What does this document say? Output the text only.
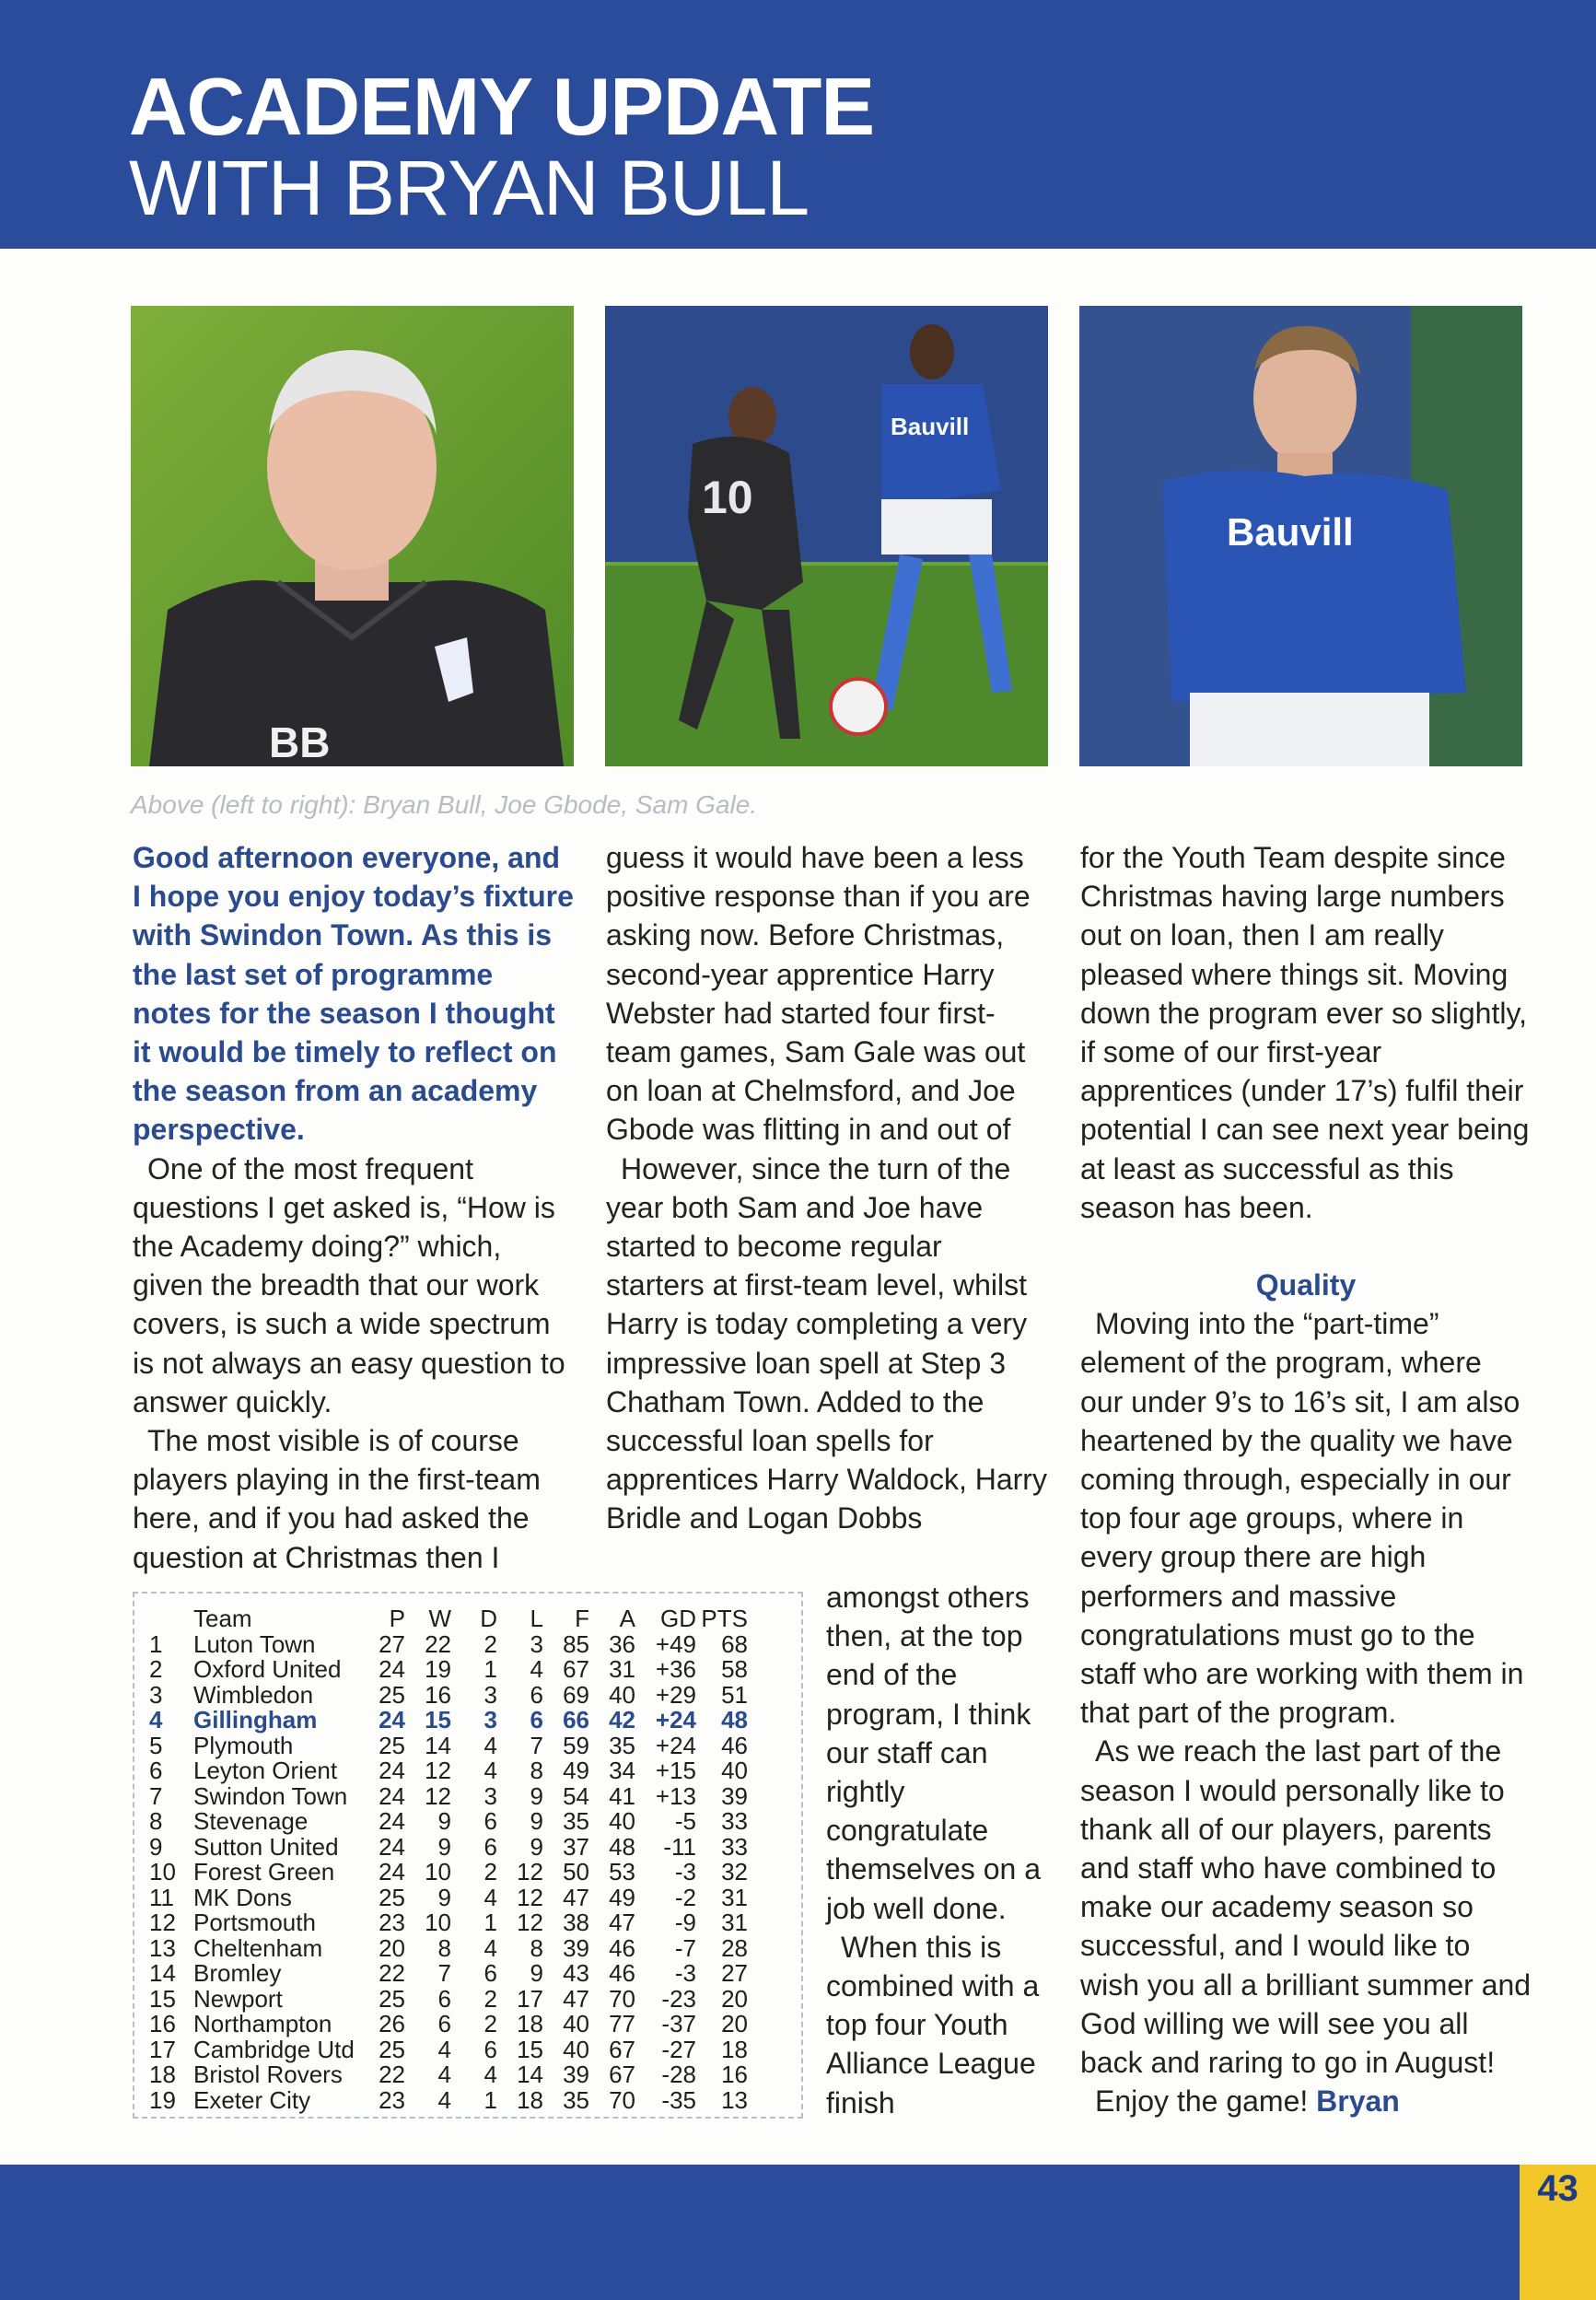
ACADEMY UPDATE
WITH BRYAN BULL
BB
10
Bauvill
Bauvill
Above (left to right): Bryan Bull, Joe Gbode, Sam Gale.

Good afternoon everyone, and I hope you enjoy today’s fixture with Swindon Town. As this is the last set of programme notes for the season I thought it would be timely to reflect on the season from an academy perspective.

One of the most frequent questions I get asked is, “How is the Academy doing?” which, given the breadth that our work covers, is such a wide spectrum is not always an easy question to answer quickly.

The most visible is of course players playing in the first-team here, and if you had asked the question at Christmas then I

guess it would have been a less positive response than if you are asking now. Before Christmas, second-year apprentice Harry Webster had started four first-team games, Sam Gale was out on loan at Chelmsford, and Joe Gbode was flitting in and out of

However, since the turn of the year both Sam and Joe have started to become regular starters at first-team level, whilst Harry is today completing a very impressive loan spell at Step 3 Chatham Town. Added to the successful loan spells for apprentices Harry Waldock, Harry Bridle and Logan Dobbs

amongst others then, at the top end of the program, I think our staff can rightly congratulate themselves on a job well done.

When this is combined with a top four Youth Alliance League finish

for the Youth Team despite since Christmas having large numbers out on loan, then I am really pleased where things sit. Moving down the program ever so slightly, if some of our first-year apprentices (under 17’s) fulfil their potential I can see next year being at least as successful as this season has been.

Quality

Moving into the “part-time” element of the program, where our under 9’s to 16’s sit, I am also heartened by the quality we have coming through, especially in our top four age groups, where in every group there are high performers and massive congratulations must go to the staff who are working with them in that part of the program.

As we reach the last part of the season I would personally like to thank all of our players, parents and staff who have combined to make our academy season so successful, and I would like to wish you all a brilliant summer and God willing we will see you all back and raring to go in August!

Enjoy the game! Bryan

	Team	P	W	D	L	F	A	GD	PTS
1	Luton Town	27	22	2	3	85	36	+49	68
2	Oxford United	24	19	1	4	67	31	+36	58
3	Wimbledon	25	16	3	6	69	40	+29	51
4	Gillingham	24	15	3	6	66	42	+24	48
5	Plymouth	25	14	4	7	59	35	+24	46
6	Leyton Orient	24	12	4	8	49	34	+15	40
7	Swindon Town	24	12	3	9	54	41	+13	39
8	Stevenage	24	9	6	9	35	40	-5	33
9	Sutton United	24	9	6	9	37	48	-11	33
10	Forest Green	24	10	2	12	50	53	-3	32
11	MK Dons	25	9	4	12	47	49	-2	31
12	Portsmouth	23	10	1	12	38	47	-9	31
13	Cheltenham	20	8	4	8	39	46	-7	28
14	Bromley	22	7	6	9	43	46	-3	27
15	Newport	25	6	2	17	47	70	-23	20
16	Northampton	26	6	2	18	40	77	-37	20
17	Cambridge Utd	25	4	6	15	40	67	-27	18
18	Bristol Rovers	22	4	4	14	39	67	-28	16
19	Exeter City	23	4	1	18	35	70	-35	13
43
